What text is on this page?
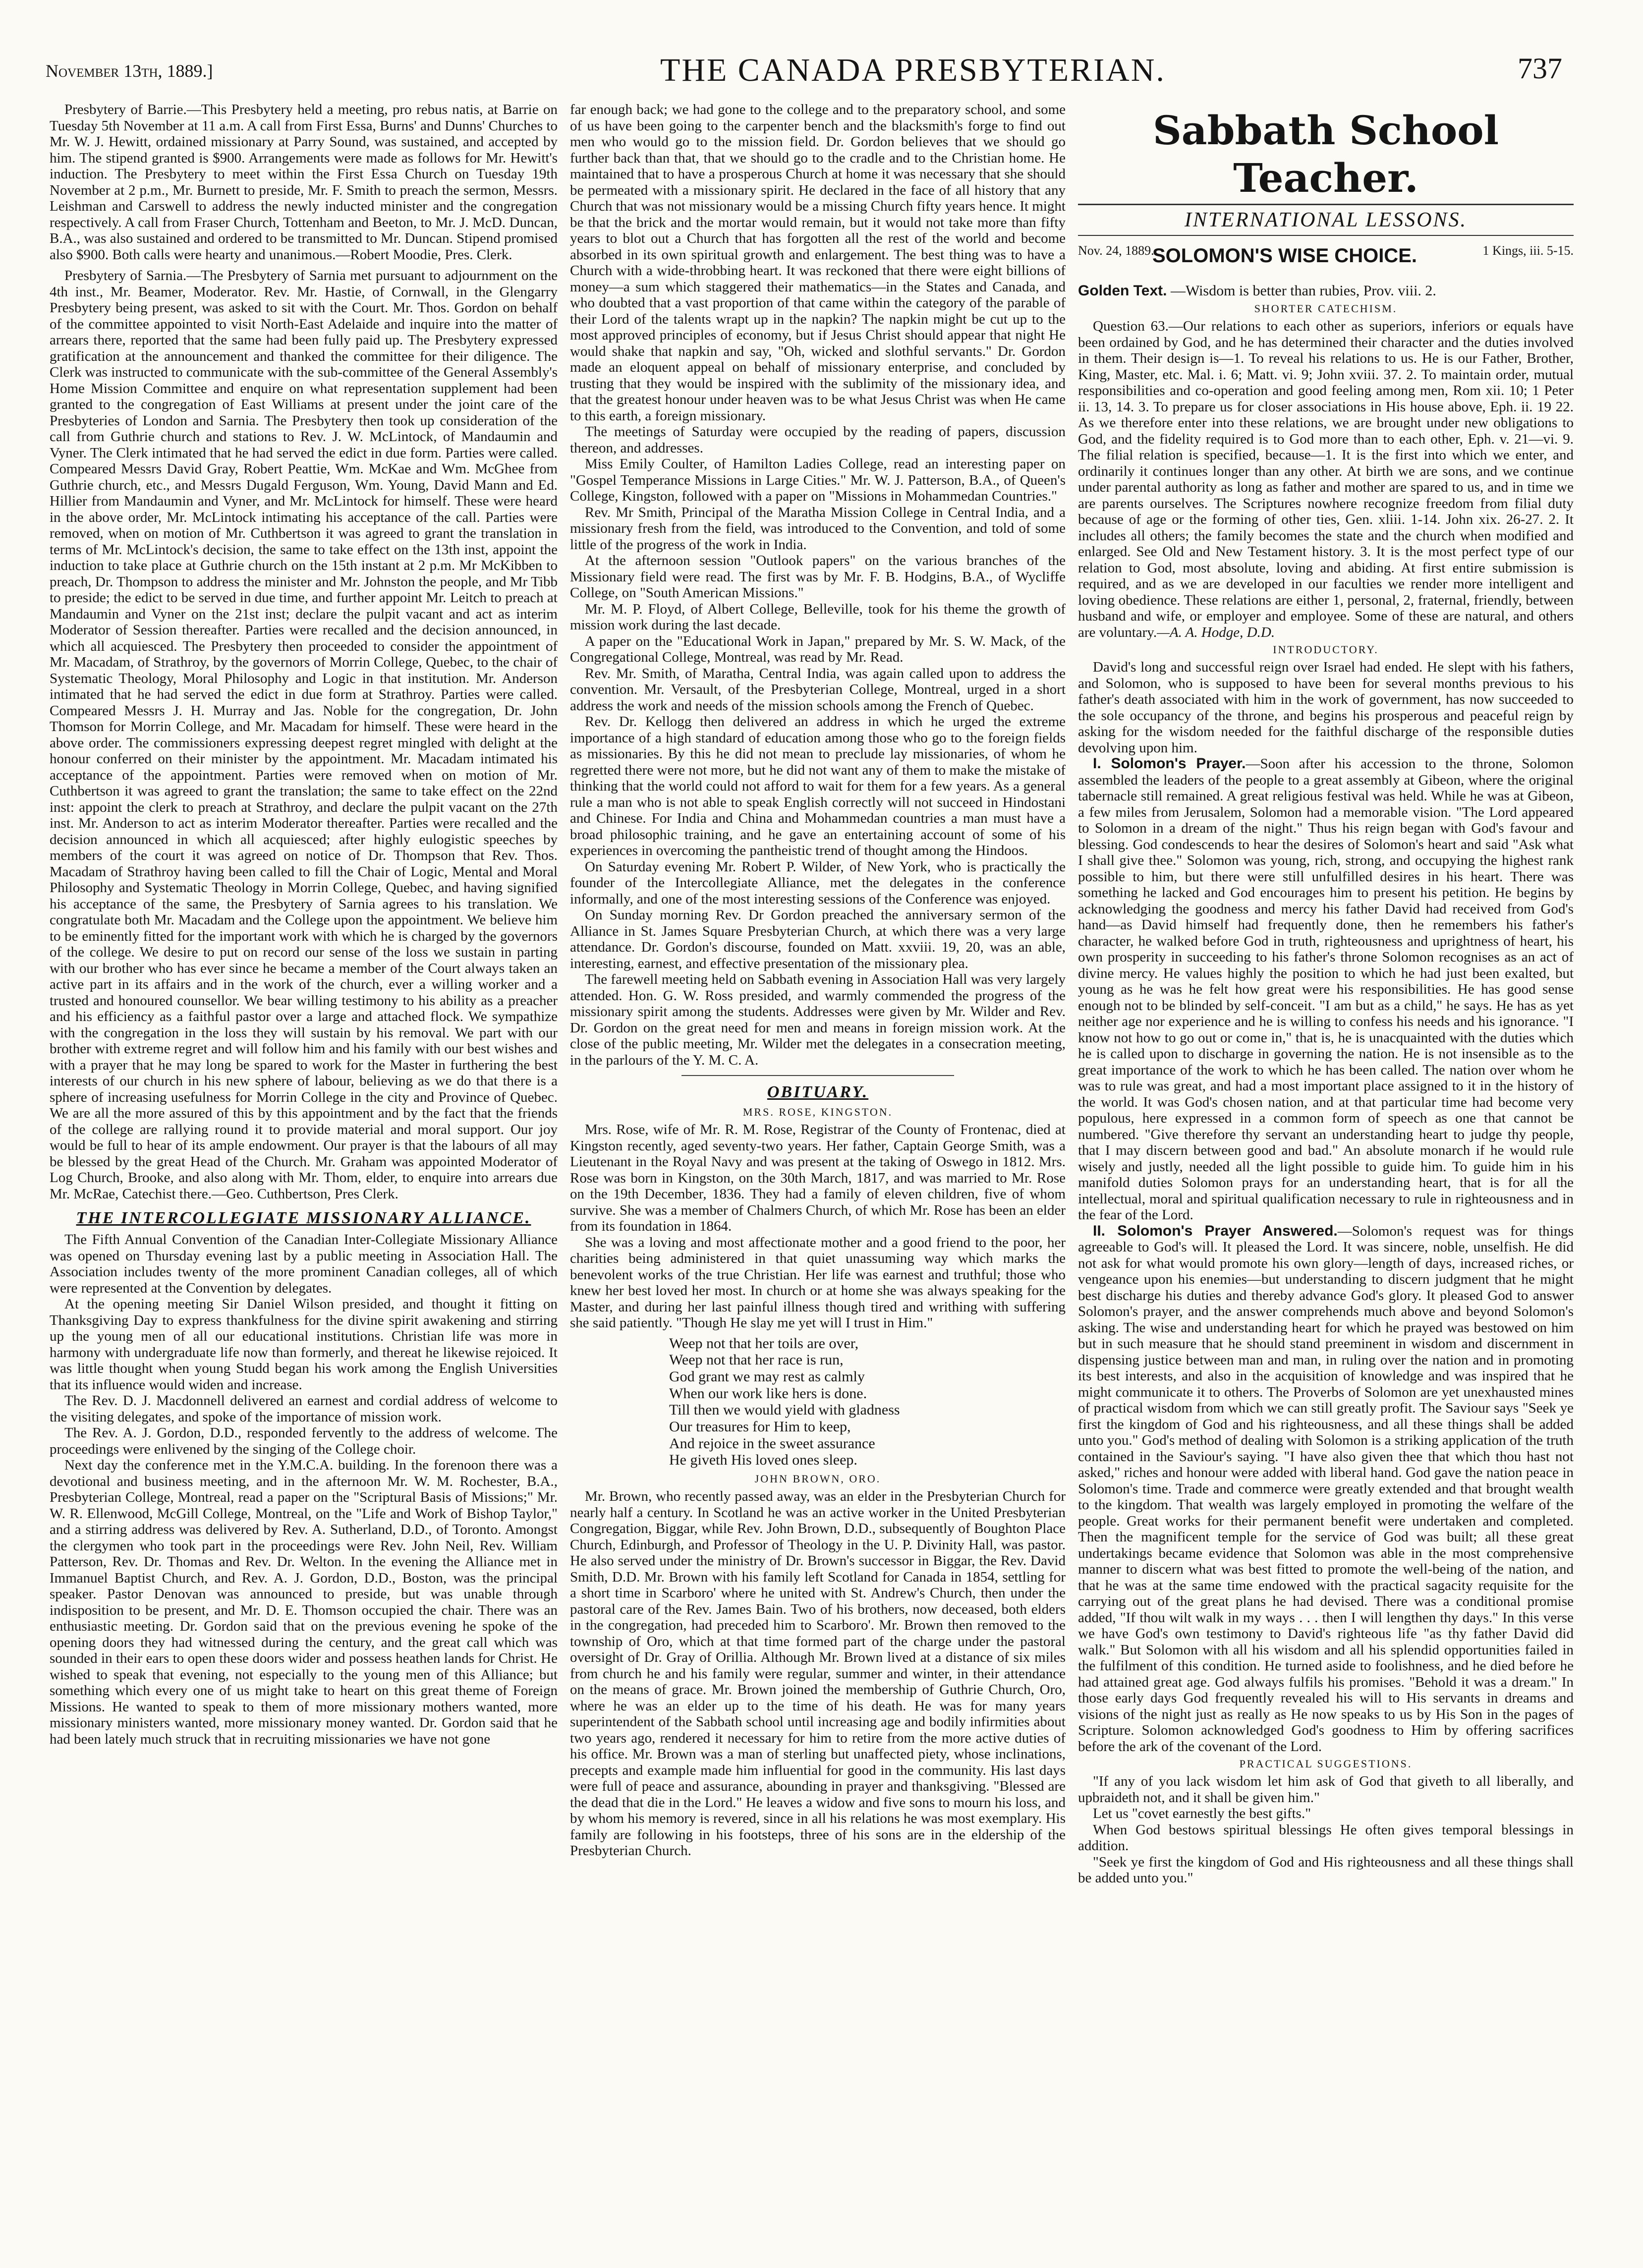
November 13th, 1889.]	THE CANADA PRESBYTERIAN.	737

Presbytery of Barrie.—This Presbytery held a meeting, pro rebus natis, at Barrie on Tuesday 5th November at 11 a.m. A call from First Essa, Burns' and Dunns' Churches to Mr. W. J. Hewitt, ordained missionary at Parry Sound, was sustained, and accepted by him. The stipend granted is $900. Arrangements were made as follows for Mr. Hewitt's induction. The Presbytery to meet within the First Essa Church on Tuesday 19th November at 2 p.m., Mr. Burnett to preside, Mr. F. Smith to preach the sermon, Messrs. Leishman and Carswell to address the newly inducted minister and the congregation respectively. A call from Fraser Church, Tottenham and Beeton, to Mr. J. McD. Duncan, B.A., was also sustained and ordered to be transmitted to Mr. Duncan. Stipend promised also $900. Both calls were hearty and unanimous.—Robert Moodie, Pres. Clerk.

Presbytery of Sarnia.—The Presbytery of Sarnia met pursuant to adjournment on the 4th inst., Mr. Beamer, Moderator. Rev. Mr. Hastie, of Cornwall, in the Glengarry Presbytery being present, was asked to sit with the Court. Mr. Thos. Gordon on behalf of the committee appointed to visit North-East Adelaide and inquire into the matter of arrears there, reported that the same had been fully paid up. The Presbytery expressed gratification at the announcement and thanked the committee for their diligence. The Clerk was instructed to communicate with the sub-committee of the General Assembly's Home Mission Committee and enquire on what representation supplement had been granted to the congregation of East Williams at present under the joint care of the Presbyteries of London and Sarnia. The Presbytery then took up consideration of the call from Guthrie church and stations to Rev. J. W. McLintock, of Mandaumin and Vyner. The Clerk intimated that he had served the edict in due form. Parties were called. Compeared Messrs David Gray, Robert Peattie, Wm. McKae and Wm. McGhee from Guthrie church, etc., and Messrs Dugald Ferguson, Wm. Young, David Mann and Ed. Hillier from Mandaumin and Vyner, and Mr. McLintock for himself. These were heard in the above order, Mr. McLintock intimating his acceptance of the call. Parties were removed, when on motion of Mr. Cuthbertson it was agreed to grant the translation in terms of Mr. McLintock's decision, the same to take effect on the 13th inst, appoint the induction to take place at Guthrie church on the 15th instant at 2 p.m. Mr McKibben to preach, Dr. Thompson to address the minister and Mr. Johnston the people, and Mr Tibb to preside; the edict to be served in due time, and further appoint Mr. Leitch to preach at Mandaumin and Vyner on the 21st inst; declare the pulpit vacant and act as interim Moderator of Session thereafter. Parties were recalled and the decision announced, in which all acquiesced. The Presbytery then proceeded to consider the appointment of Mr. Macadam, of Strathroy, by the governors of Morrin College, Quebec, to the chair of Systematic Theology, Moral Philosophy and Logic in that institution. Mr. Anderson intimated that he had served the edict in due form at Strathroy. Parties were called. Compeared Messrs J. H. Murray and Jas. Noble for the congregation, Dr. John Thomson for Morrin College, and Mr. Macadam for himself. These were heard in the above order. The commissioners expressing deepest regret mingled with delight at the honour conferred on their minister by the appointment. Mr. Macadam intimated his acceptance of the appointment. Parties were removed when on motion of Mr. Cuthbertson it was agreed to grant the translation; the same to take effect on the 22nd inst: appoint the clerk to preach at Strathroy, and declare the pulpit vacant on the 27th inst. Mr. Anderson to act as interim Moderator thereafter. Parties were recalled and the decision announced in which all acquiesced; after highly eulogistic speeches by members of the court it was agreed on notice of Dr. Thompson that Rev. Thos. Macadam of Strathroy having been called to fill the Chair of Logic, Mental and Moral Philosophy and Systematic Theology in Morrin College, Quebec, and having signified his acceptance of the same, the Presbytery of Sarnia agrees to his translation. We congratulate both Mr. Macadam and the College upon the appointment. We believe him to be eminently fitted for the important work with which he is charged by the governors of the college. We desire to put on record our sense of the loss we sustain in parting with our brother who has ever since he became a member of the Court always taken an active part in its affairs and in the work of the church, ever a willing worker and a trusted and honoured counsellor. We bear willing testimony to his ability as a preacher and his efficiency as a faithful pastor over a large and attached flock. We sympathize with the congregation in the loss they will sustain by his removal. We part with our brother with extreme regret and will follow him and his family with our best wishes and with a prayer that he may long be spared to work for the Master in furthering the best interests of our church in his new sphere of labour, believing as we do that there is a sphere of increasing usefulness for Morrin College in the city and Province of Quebec. We are all the more assured of this by this appointment and by the fact that the friends of the college are rallying round it to provide material and moral support. Our joy would be full to hear of its ample endowment. Our prayer is that the labours of all may be blessed by the great Head of the Church. Mr. Graham was appointed Moderator of Log Church, Brooke, and also along with Mr. Thom, elder, to enquire into arrears due Mr. McRae, Catechist there.—Geo. Cuthbertson, Pres Clerk.

THE INTERCOLLEGIATE MISSIONARY ALLIANCE.

The Fifth Annual Convention of the Canadian Inter-Collegiate Missionary Alliance was opened on Thursday evening last by a public meeting in Association Hall. The Association includes twenty of the more prominent Canadian colleges, all of which were represented at the Convention by delegates.

At the opening meeting Sir Daniel Wilson presided, and thought it fitting on Thanksgiving Day to express thankfulness for the divine spirit awakening and stirring up the young men of all our educational institutions. Christian life was more in harmony with undergraduate life now than formerly, and thereat he likewise rejoiced. It was little thought when young Studd began his work among the English Universities that its influence would widen and increase.

The Rev. D. J. Macdonnell delivered an earnest and cordial address of welcome to the visiting delegates, and spoke of the importance of mission work.

The Rev. A. J. Gordon, D.D., responded fervently to the address of welcome. The proceedings were enlivened by the singing of the College choir.

Next day the conference met in the Y.M.C.A. building. In the forenoon there was a devotional and business meeting, and in the afternoon Mr. W. M. Rochester, B.A., Presbyterian College, Montreal, read a paper on the "Scriptural Basis of Missions;" Mr. W. R. Ellenwood, McGill College, Montreal, on the "Life and Work of Bishop Taylor," and a stirring address was delivered by Rev. A. Sutherland, D.D., of Toronto. Amongst the clergymen who took part in the proceedings were Rev. John Neil, Rev. William Patterson, Rev. Dr. Thomas and Rev. Dr. Welton. In the evening the Alliance met in Immanuel Baptist Church, and Rev. A. J. Gordon, D.D., Boston, was the principal speaker. Pastor Denovan was announced to preside, but was unable through indisposition to be present, and Mr. D. E. Thomson occupied the chair. There was an enthusiastic meeting. Dr. Gordon said that on the previous evening he spoke of the opening doors they had witnessed during the century, and the great call which was sounded in their ears to open these doors wider and possess heathen lands for Christ. He wished to speak that evening, not especially to the young men of this Alliance; but something which every one of us might take to heart on this great theme of Foreign Missions. He wanted to speak to them of more missionary mothers wanted, more missionary ministers wanted, more missionary money wanted. Dr. Gordon said that he had been lately much struck that in recruiting missionaries we have not gone

far enough back; we had gone to the college and to the preparatory school, and some of us have been going to the carpenter bench and the blacksmith's forge to find out men who would go to the mission field. Dr. Gordon believes that we should go further back than that, that we should go to the cradle and to the Christian home. He maintained that to have a prosperous Church at home it was necessary that she should be permeated with a missionary spirit. He declared in the face of all history that any Church that was not missionary would be a missing Church fifty years hence. It might be that the brick and the mortar would remain, but it would not take more than fifty years to blot out a Church that has forgotten all the rest of the world and become absorbed in its own spiritual growth and enlargement. The best thing was to have a Church with a wide-throbbing heart. It was reckoned that there were eight billions of money—a sum which staggered their mathematics—in the States and Canada, and who doubted that a vast proportion of that came within the category of the parable of their Lord of the talents wrapt up in the napkin? The napkin might be cut up to the most approved principles of economy, but if Jesus Christ should appear that night He would shake that napkin and say, "Oh, wicked and slothful servants." Dr. Gordon made an eloquent appeal on behalf of missionary enterprise, and concluded by trusting that they would be inspired with the sublimity of the missionary idea, and that the greatest honour under heaven was to be what Jesus Christ was when He came to this earth, a foreign missionary.

The meetings of Saturday were occupied by the reading of papers, discussion thereon, and addresses.

Miss Emily Coulter, of Hamilton Ladies College, read an interesting paper on "Gospel Temperance Missions in Large Cities." Mr. W. J. Patterson, B.A., of Queen's College, Kingston, followed with a paper on "Missions in Mohammedan Countries."

Rev. Mr Smith, Principal of the Maratha Mission College in Central India, and a missionary fresh from the field, was introduced to the Convention, and told of some little of the progress of the work in India.

At the afternoon session "Outlook papers" on the various branches of the Missionary field were read. The first was by Mr. F. B. Hodgins, B.A., of Wycliffe College, on "South American Missions."

Mr. M. P. Floyd, of Albert College, Belleville, took for his theme the growth of mission work during the last decade.

A paper on the "Educational Work in Japan," prepared by Mr. S. W. Mack, of the Congregational College, Montreal, was read by Mr. Read.

Rev. Mr. Smith, of Maratha, Central India, was again called upon to address the convention. Mr. Versault, of the Presbyterian College, Montreal, urged in a short address the work and needs of the mission schools among the French of Quebec.

Rev. Dr. Kellogg then delivered an address in which he urged the extreme importance of a high standard of education among those who go to the foreign fields as missionaries. By this he did not mean to preclude lay missionaries, of whom he regretted there were not more, but he did not want any of them to make the mistake of thinking that the world could not afford to wait for them for a few years. As a general rule a man who is not able to speak English correctly will not succeed in Hindostani and Chinese. For India and China and Mohammedan countries a man must have a broad philosophic training, and he gave an entertaining account of some of his experiences in overcoming the pantheistic trend of thought among the Hindoos.

On Saturday evening Mr. Robert P. Wilder, of New York, who is practically the founder of the Intercollegiate Alliance, met the delegates in the conference informally, and one of the most interesting sessions of the Conference was enjoyed.

On Sunday morning Rev. Dr Gordon preached the anniversary sermon of the Alliance in St. James Square Presbyterian Church, at which there was a very large attendance. Dr. Gordon's discourse, founded on Matt. xxviii. 19, 20, was an able, interesting, earnest, and effective presentation of the missionary plea.

The farewell meeting held on Sabbath evening in Association Hall was very largely attended. Hon. G. W. Ross presided, and warmly commended the progress of the missionary spirit among the students. Addresses were given by Mr. Wilder and Rev. Dr. Gordon on the great need for men and means in foreign mission work. At the close of the public meeting, Mr. Wilder met the delegates in a consecration meeting, in the parlours of the Y. M. C. A.

OBITUARY.
MRS. ROSE, KINGSTON.

Mrs. Rose, wife of Mr. R. M. Rose, Registrar of the County of Frontenac, died at Kingston recently, aged seventy-two years. Her father, Captain George Smith, was a Lieutenant in the Royal Navy and was present at the taking of Oswego in 1812. Mrs. Rose was born in Kingston, on the 30th March, 1817, and was married to Mr. Rose on the 19th December, 1836. They had a family of eleven children, five of whom survive. She was a member of Chalmers Church, of which Mr. Rose has been an elder from its foundation in 1864.

She was a loving and most affectionate mother and a good friend to the poor, her charities being administered in that quiet unassuming way which marks the benevolent works of the true Christian. Her life was earnest and truthful; those who knew her best loved her most. In church or at home she was always speaking for the Master, and during her last painful illness though tired and writhing with suffering she said patiently. "Though He slay me yet will I trust in Him."

Weep not that her toils are over,
Weep not that her race is run,
God grant we may rest as calmly
When our work like hers is done.
Till then we would yield with gladness
Our treasures for Him to keep,
And rejoice in the sweet assurance
He giveth His loved ones sleep.
JOHN BROWN, ORO.

Mr. Brown, who recently passed away, was an elder in the Presbyterian Church for nearly half a century. In Scotland he was an active worker in the United Presbyterian Congregation, Biggar, while Rev. John Brown, D.D., subsequently of Boughton Place Church, Edinburgh, and Professor of Theology in the U. P. Divinity Hall, was pastor. He also served under the ministry of Dr. Brown's successor in Biggar, the Rev. David Smith, D.D. Mr. Brown with his family left Scotland for Canada in 1854, settling for a short time in Scarboro' where he united with St. Andrew's Church, then under the pastoral care of the Rev. James Bain. Two of his brothers, now deceased, both elders in the congregation, had preceded him to Scarboro'. Mr. Brown then removed to the township of Oro, which at that time formed part of the charge under the pastoral oversight of Dr. Gray of Orillia. Although Mr. Brown lived at a distance of six miles from church he and his family were regular, summer and winter, in their attendance on the means of grace. Mr. Brown joined the membership of Guthrie Church, Oro, where he was an elder up to the time of his death. He was for many years superintendent of the Sabbath school until increasing age and bodily infirmities about two years ago, rendered it necessary for him to retire from the more active duties of his office. Mr. Brown was a man of sterling but unaffected piety, whose inclinations, precepts and example made him influential for good in the community. His last days were full of peace and assurance, abounding in prayer and thanksgiving. "Blessed are the dead that die in the Lord." He leaves a widow and five sons to mourn his loss, and by whom his memory is revered, since in all his relations he was most exemplary. His family are following in his footsteps, three of his sons are in the eldership of the Presbyterian Church.

Sabbath School Teacher.
INTERNATIONAL LESSONS.
Nov. 24, 1889.
SOLOMON'S WISE CHOICE.	1 Kings, iii. 5-15.
Golden Text. —Wisdom is better than rubies, Prov. viii. 2.
SHORTER CATECHISM.

Question 63.—Our relations to each other as superiors, inferiors or equals have been ordained by God, and he has determined their character and the duties involved in them. Their design is—1. To reveal his relations to us. He is our Father, Brother, King, Master, etc. Mal. i. 6; Matt. vi. 9; John xviii. 37. 2. To maintain order, mutual responsibilities and co-operation and good feeling among men, Rom xii. 10; 1 Peter ii. 13, 14. 3. To prepare us for closer associations in His house above, Eph. ii. 19 22. As we therefore enter into these relations, we are brought under new obligations to God, and the fidelity required is to God more than to each other, Eph. v. 21—vi. 9. The filial relation is specified, because—1. It is the first into which we enter, and ordinarily it continues longer than any other. At birth we are sons, and we continue under parental authority as long as father and mother are spared to us, and in time we are parents ourselves. The Scriptures nowhere recognize freedom from filial duty because of age or the forming of other ties, Gen. xliii. 1-14. John xix. 26-27. 2. It includes all others; the family becomes the state and the church when modified and enlarged. See Old and New Testament history. 3. It is the most perfect type of our relation to God, most absolute, loving and abiding. At first entire submission is required, and as we are developed in our faculties we render more intelligent and loving obedience. These relations are either 1, personal, 2, fraternal, friendly, between husband and wife, or employer and employee. Some of these are natural, and others are voluntary.—A. A. Hodge, D.D.

INTRODUCTORY.

David's long and successful reign over Israel had ended. He slept with his fathers, and Solomon, who is supposed to have been for several months previous to his father's death associated with him in the work of government, has now succeeded to the sole occupancy of the throne, and begins his prosperous and peaceful reign by asking for the wisdom needed for the faithful discharge of the responsible duties devolving upon him.

I. Solomon's Prayer.—Soon after his accession to the throne, Solomon assembled the leaders of the people to a great assembly at Gibeon, where the original tabernacle still remained. A great religious festival was held. While he was at Gibeon, a few miles from Jerusalem, Solomon had a memorable vision. "The Lord appeared to Solomon in a dream of the night." Thus his reign began with God's favour and blessing. God condescends to hear the desires of Solomon's heart and said "Ask what I shall give thee." Solomon was young, rich, strong, and occupying the highest rank possible to him, but there were still unfulfilled desires in his heart. There was something he lacked and God encourages him to present his petition. He begins by acknowledging the goodness and mercy his father David had received from God's hand—as David himself had frequently done, then he remembers his father's character, he walked before God in truth, righteousness and uprightness of heart, his own prosperity in succeeding to his father's throne Solomon recognises as an act of divine mercy. He values highly the position to which he had just been exalted, but young as he was he felt how great were his responsibilities. He has good sense enough not to be blinded by self-conceit. "I am but as a child," he says. He has as yet neither age nor experience and he is willing to confess his needs and his ignorance. "I know not how to go out or come in," that is, he is unacquainted with the duties which he is called upon to discharge in governing the nation. He is not insensible as to the great importance of the work to which he has been called. The nation over whom he was to rule was great, and had a most important place assigned to it in the history of the world. It was God's chosen nation, and at that particular time had become very populous, here expressed in a common form of speech as one that cannot be numbered. "Give therefore thy servant an understanding heart to judge thy people, that I may discern between good and bad." An absolute monarch if he would rule wisely and justly, needed all the light possible to guide him. To guide him in his manifold duties Solomon prays for an understanding heart, that is for all the intellectual, moral and spiritual qualification necessary to rule in righteousness and in the fear of the Lord.

II. Solomon's Prayer Answered.—Solomon's request was for things agreeable to God's will. It pleased the Lord. It was sincere, noble, unselfish. He did not ask for what would promote his own glory—length of days, increased riches, or vengeance upon his enemies—but understanding to discern judgment that he might best discharge his duties and thereby advance God's glory. It pleased God to answer Solomon's prayer, and the answer comprehends much above and beyond Solomon's asking. The wise and understanding heart for which he prayed was bestowed on him but in such measure that he should stand preeminent in wisdom and discernment in dispensing justice between man and man, in ruling over the nation and in promoting its best interests, and also in the acquisition of knowledge and was inspired that he might communicate it to others. The Proverbs of Solomon are yet unexhausted mines of practical wisdom from which we can still greatly profit. The Saviour says "Seek ye first the kingdom of God and his righteousness, and all these things shall be added unto you." God's method of dealing with Solomon is a striking application of the truth contained in the Saviour's saying. "I have also given thee that which thou hast not asked," riches and honour were added with liberal hand. God gave the nation peace in Solomon's time. Trade and commerce were greatly extended and that brought wealth to the kingdom. That wealth was largely employed in promoting the welfare of the people. Great works for their permanent benefit were undertaken and completed. Then the magnificent temple for the service of God was built; all these great undertakings became evidence that Solomon was able in the most comprehensive manner to discern what was best fitted to promote the well-being of the nation, and that he was at the same time endowed with the practical sagacity requisite for the carrying out of the great plans he had devised. There was a conditional promise added, "If thou wilt walk in my ways . . . then I will lengthen thy days." In this verse we have God's own testimony to David's righteous life "as thy father David did walk." But Solomon with all his wisdom and all his splendid opportunities failed in the fulfilment of this condition. He turned aside to foolishness, and he died before he had attained great age. God always fulfils his promises. "Behold it was a dream." In those early days God frequently revealed his will to His servants in dreams and visions of the night just as really as He now speaks to us by His Son in the pages of Scripture. Solomon acknowledged God's goodness to Him by offering sacrifices before the ark of the covenant of the Lord.

PRACTICAL SUGGESTIONS.

"If any of you lack wisdom let him ask of God that giveth to all liberally, and upbraideth not, and it shall be given him."

Let us "covet earnestly the best gifts."

When God bestows spiritual blessings He often gives temporal blessings in addition.

"Seek ye first the kingdom of God and His righteousness and all these things shall be added unto you."
